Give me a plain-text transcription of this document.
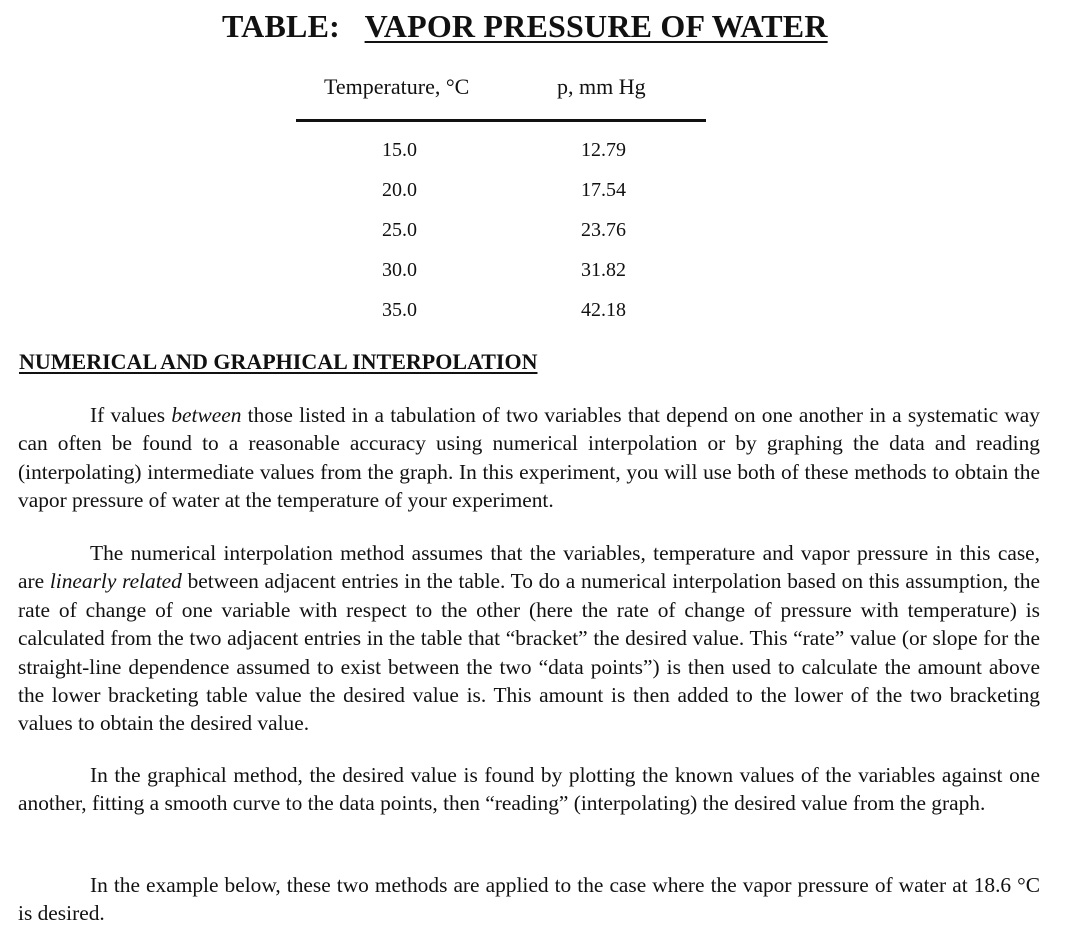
TABLE: VAPOR PRESSURE OF WATER
Temperature, °C	p, mm Hg
15.0	12.79
20.0	17.54
25.0	23.76
30.0	31.82
35.0	42.18
NUMERICAL AND GRAPHICAL INTERPOLATION

If values between those listed in a tabulation of two variables that depend on one another in a systematic way can often be found to a reasonable accuracy using numerical interpolation or by graphing the data and reading (interpolating) intermediate values from the graph. In this experiment, you will use both of these methods to obtain the vapor pressure of water at the temperature of your experiment.

The numerical interpolation method assumes that the variables, temperature and vapor pressure in this case, are linearly related between adjacent entries in the table. To do a numerical interpolation based on this assumption, the rate of change of one variable with respect to the other (here the rate of change of pressure with temperature) is calculated from the two adjacent entries in the table that “bracket” the desired value. This “rate” value (or slope for the straight-line dependence assumed to exist between the two “data points”) is then used to calculate the amount above the lower bracketing table value the desired value is. This amount is then added to the lower of the two bracketing values to obtain the desired value.

In the graphical method, the desired value is found by plotting the known values of the variables against one another, fitting a smooth curve to the data points, then “reading” (interpolating) the desired value from the graph.

In the example below, these two methods are applied to the case where the vapor pressure of water at 18.6 °C is desired.
